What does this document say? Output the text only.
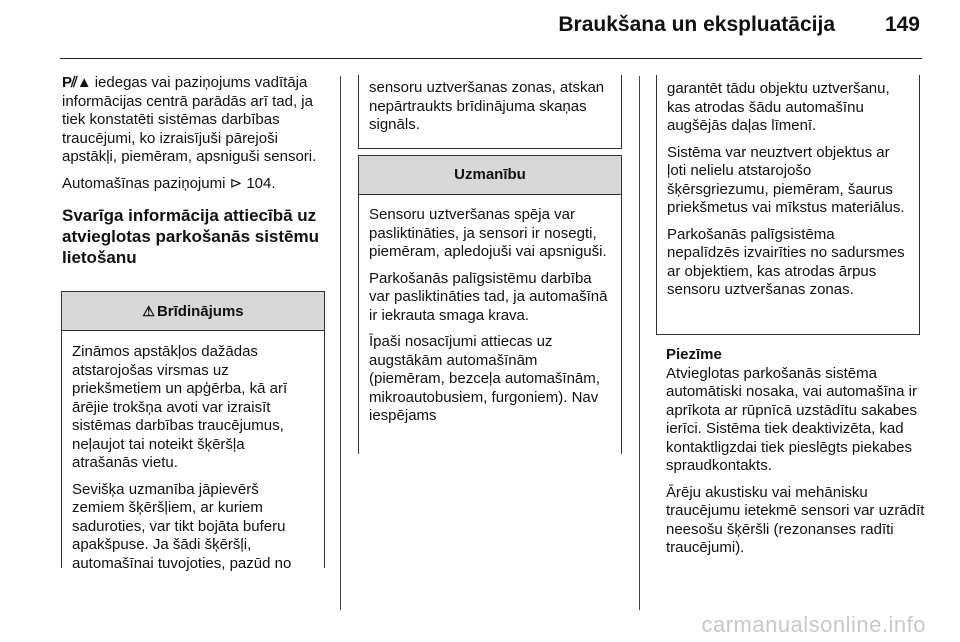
Braukšana un ekspluatācija 149

P⫽▲ iedegas vai paziņojums vadītāja informācijas centrā parādās arī tad, ja tiek konstatēti sistēmas darbības traucējumi, ko izraisījuši pārejoši apstākļi, piemēram, apsniguši sensori.

Automašīnas paziņojumi ⊳ 104.

Svarīga informācija attiecībā uz atvieglotas parkošanās sistēmu lietošanu
⚠ Brīdinājums

Zināmos apstākļos dažādas atstarojošas virsmas uz priekšmetiem un apģērba, kā arī ārējie trokšņa avoti var izraisīt sistēmas darbības traucējumus, neļaujot tai noteikt šķēršļa atrašanās vietu.

Sevišķa uzmanība jāpievērš zemiem šķēršļiem, ar kuriem saduroties, var tikt bojāta buferu apakšpuse. Ja šādi šķēršļi, automašīnai tuvojoties, pazūd no

sensoru uztveršanas zonas, atskan nepārtraukts brīdinājuma skaņas signāls.

Uzmanību

Sensoru uztveršanas spēja var pasliktināties, ja sensori ir nosegti, piemēram, apledojuši vai apsniguši.

Parkošanās palīgsistēmu darbība var pasliktināties tad, ja automašīnā ir iekrauta smaga krava.

Īpaši nosacījumi attiecas uz augstākām automašīnām (piemēram, bezceļa automašīnām, mikroautobusiem, furgoniem). Nav iespējams

garantēt tādu objektu uztveršanu, kas atrodas šādu automašīnu augšējās daļas līmenī.

Sistēma var neuztvert objektus ar ļoti nelielu atstarojošo šķērsgriezumu, piemēram, šaurus priekšmetus vai mīkstus materiālus.

Parkošanās palīgsistēma nepalīdzēs izvairīties no sadursmes ar objektiem, kas atrodas ārpus sensoru uztveršanas zonas.

Piezīme

Atvieglotas parkošanās sistēma automātiski nosaka, vai automašīna ir aprīkota ar rūpnīcā uzstādītu sakabes ierīci. Sistēma tiek deaktivizēta, kad kontaktligzdai tiek pieslēgts piekabes spraudkontakts.

Ārēju akustisku vai mehānisku traucējumu ietekmē sensori var uzrādīt neesošu šķēršli (rezonanses radīti traucējumi).

carmanualsonline.info
